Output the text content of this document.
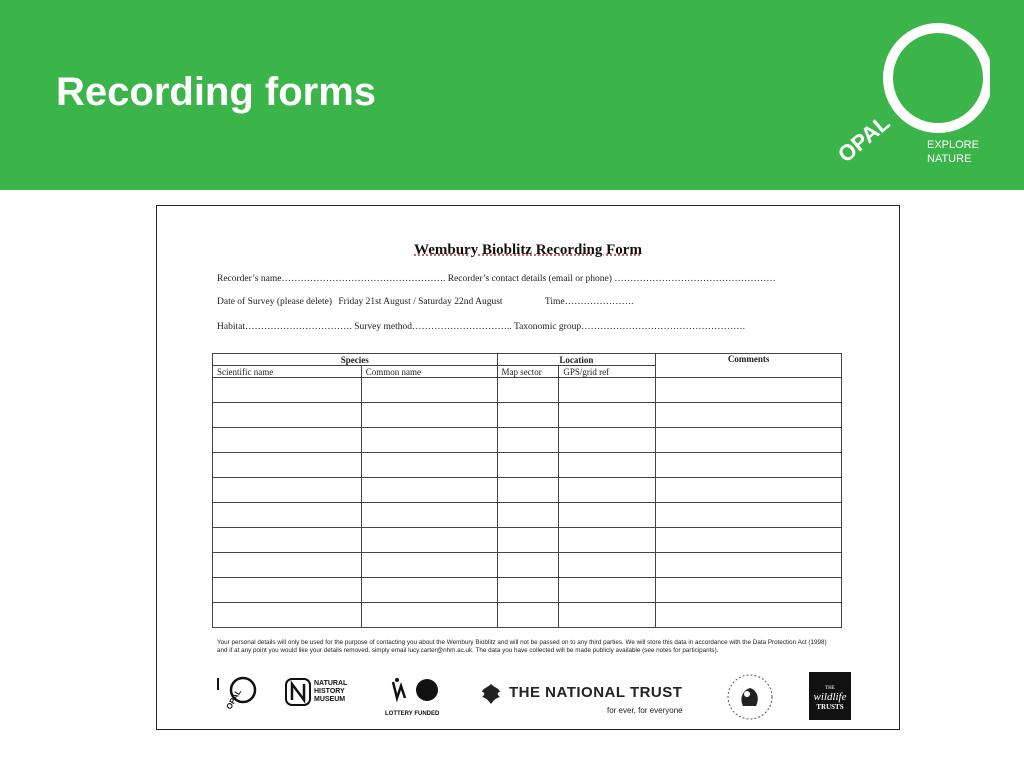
Recording forms
OPAL	EXPLORE
NATURE
Wembury Bioblitz Recording Form
Recorder’s name……………………………………………. Recorder’s contact details (email or phone) ……………………………………………
Date of Survey (please delete) Friday 21st August / Saturday 22nd August	Time………………….
Habitat……………………………. Survey method………………………….. Taxonomic group…………………………………………….
Species		Location		Comments
Scientific name	Common name	Map sector	GPS/grid ref	

Your personal details will only be used for the purpose of contacting you about the Wembury Bioblitz and will not be passed on to any third parties. We will store this data in accordance with the Data Protection Act (1998) and if at any point you would like your details removed, simply email lucy.carter@nhm.ac.uk. The data you have collected will be made publicly available (see notes for participants).
OPAL
NATURAL
HISTORY
MUSEUM
LOTTERY FUNDED
THE NATIONAL TRUST
for ever, for everyone
THE
wildlife
TRUSTS
